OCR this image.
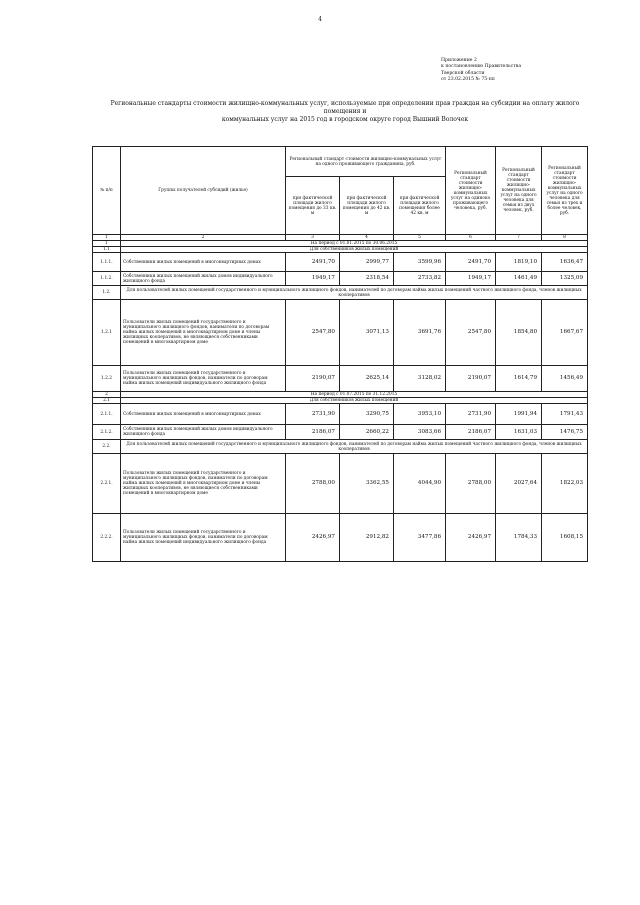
4
Приложение 2
к постановлению Правительства
Тверской области
от 23.02.2015 № 75-пп
Региональные стандарты стоимости жилищно-коммунальных услуг, используемые при определении прав граждан на субсидии на оплату жилого помещения и
коммунальных услуг на 2015 год в городском округе город Вышний Волочек
№ п/п	Группы получателей субсидий (жилье)	Региональный стандарт стоимости жилищно-коммунальных услуг на одного проживающего гражданина, руб.			Региональный стандарт стоимости жилищно-коммунальных услуг на одиноко проживающего человека, руб.	Региональный стандарт стоимости жилищно-коммунальных услуг на одного человека для семьи из двух человек, руб.	Региональный стандарт стоимости жилищно-коммунальных услуг на одного человека для семьи из трех и более человек, руб.
		при фактической площади жилого помещения до 33 кв. м	при фактической площади жилого помещения до 42 кв. м	при фактической площади жилого помещения более 42 кв. м			
1	2	3	4	5	6	7	8
1	На период с 01.01.2015 по 30.06.2015						
1.1	Для собственников жилых помещений						
1.1.1.	Собственники жилых помещений в многоквартирных домах	2491,70	2999,77	3599,96	2491,70	1819,10	1636,47
1.1.2.	Собственники жилых помещений жилых домов индивидуального жилищного фонда	1949,17	2318,54	2733,82	1949,17	1461,49	1325,09
1.2.	Для пользователей жилых помещений государственного и муниципального жилищного фондов, нанимателей по договорам найма жилых помещений частного жилищного фонда, членов жилищных кооперативов						
1.2.1	Пользователи жилых помещений государственного и муниципального жилищного фондов, наниматели по договорам найма жилых помещений в многоквартирном доме и члены жилищных кооперативов, не являющиеся собственниками помещений в многоквартирном доме	2547,80	3071,13	3691,76	2547,80	1854,80	1667,67
1.2.2	Пользователи жилых помещений государственного и муниципального жилищных фондов, наниматели по договорам найма жилых помещений индивидуального жилищного фонда	2190,07	2625,14	3128,02	2190,07	1614,79	1456,49
2	На период с 01.07.2015 по 31.12.2015						
2.1	Для собственников жилых помещений						
2.1.1.	Собственники жилых помещений в многоквартирных домах	2731,90	3290,75	3953,10	2731,90	1991,94	1791,43
2.1.2.	Собственники жилых помещений жилых домов индивидуального жилищного фонда	2186,07	2660,22	3083,66	2186,07	1631,03	1476,75
2.2.	Для пользователей жилых помещений государственного и муниципального жилищного фондов, нанимателей по договорам найма жилых помещений частного жилищного фонда, членов жилищных кооперативов						
2.2.1.	Пользователи жилых помещений государственного и муниципального жилищных фондов, наниматели по договорам найма жилых помещений в многоквартирном доме и члены жилищных кооперативов, не являющиеся собственниками помещений в многоквартирном доме	2788,00	3362,55	4044,90	2788,00	2027,64	1822,03
2.2.2.	Пользователи жилых помещений государственного и муниципального жилищных фондов, наниматели по договорам найма жилых помещений индивидуального жилищного фонда	2426,97	2912,82	3477,86	2426,97	1784,33	1608,15
